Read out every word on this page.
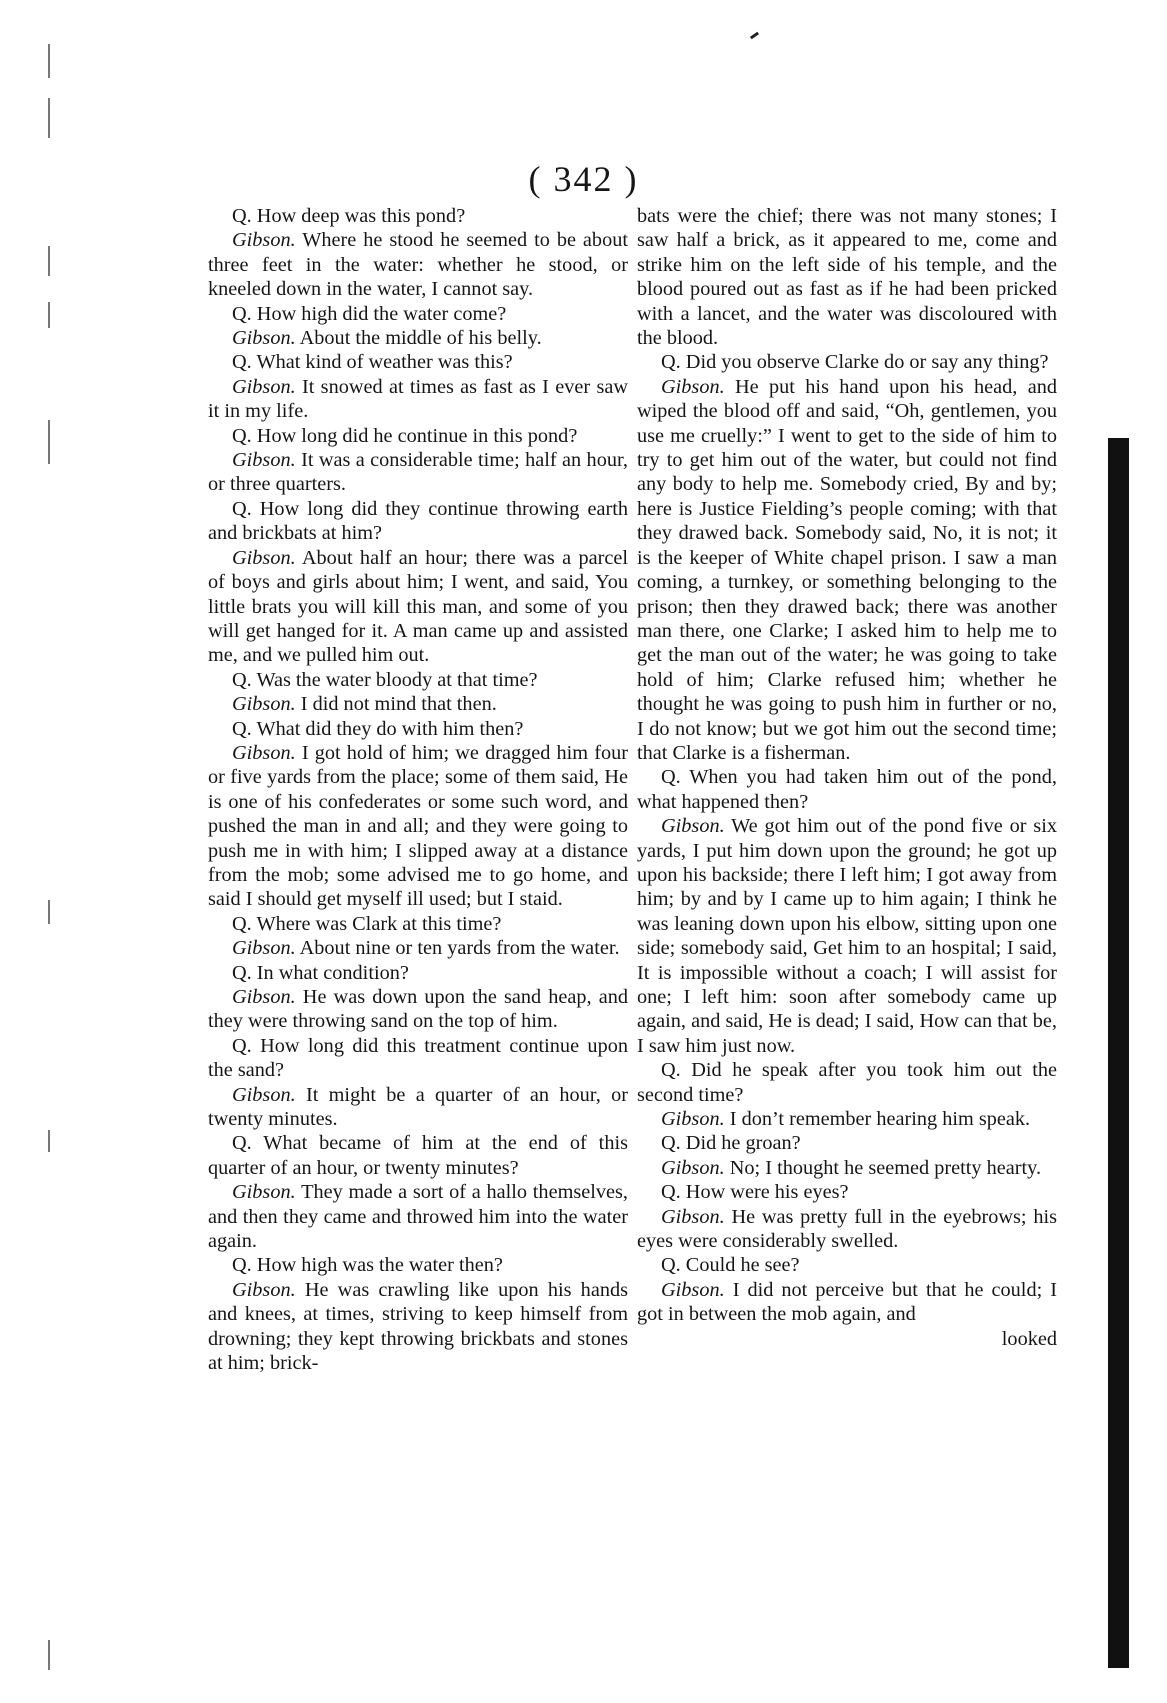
( 342 )

Q. How deep was this pond?

Gibson. Where he stood he seemed to be about three feet in the water: whether he stood, or kneeled down in the water, I cannot say.

Q. How high did the water come?

Gibson. About the middle of his belly.

Q. What kind of weather was this?

Gibson. It snowed at times as fast as I ever saw it in my life.

Q. How long did he continue in this pond?

Gibson. It was a considerable time; half an hour, or three quarters.

Q. How long did they continue throwing earth and brickbats at him?

Gibson. About half an hour; there was a parcel of boys and girls about him; I went, and said, You little brats you will kill this man, and some of you will get hanged for it. A man came up and assisted me, and we pulled him out.

Q. Was the water bloody at that time?

Gibson. I did not mind that then.

Q. What did they do with him then?

Gibson. I got hold of him; we dragged him four or five yards from the place; some of them said, He is one of his confederates or some such word, and pushed the man in and all; and they were going to push me in with him; I slipped away at a distance from the mob; some advised me to go home, and said I should get myself ill used; but I staid.

Q. Where was Clark at this time?

Gibson. About nine or ten yards from the water.

Q. In what condition?

Gibson. He was down upon the sand heap, and they were throwing sand on the top of him.

Q. How long did this treatment continue upon the sand?

Gibson. It might be a quarter of an hour, or twenty minutes.

Q. What became of him at the end of this quarter of an hour, or twenty minutes?

Gibson. They made a sort of a hallo themselves, and then they came and throwed him into the water again.

Q. How high was the water then?

Gibson. He was crawling like upon his hands and knees, at times, striving to keep himself from drowning; they kept throwing brickbats and stones at him; brick-

bats were the chief; there was not many stones; I saw half a brick, as it appeared to me, come and strike him on the left side of his temple, and the blood poured out as fast as if he had been pricked with a lancet, and the water was discoloured with the blood.

Q. Did you observe Clarke do or say any thing?

Gibson. He put his hand upon his head, and wiped the blood off and said, “Oh, gentlemen, you use me cruelly:” I went to get to the side of him to try to get him out of the water, but could not find any body to help me. Somebody cried, By and by; here is Justice Fielding’s people coming; with that they drawed back. Somebody said, No, it is not; it is the keeper of White chapel prison. I saw a man coming, a turnkey, or something belonging to the prison; then they drawed back; there was another man there, one Clarke; I asked him to help me to get the man out of the water; he was going to take hold of him; Clarke refused him; whether he thought he was going to push him in further or no, I do not know; but we got him out the second time; that Clarke is a fisherman.

Q. When you had taken him out of the pond, what happened then?

Gibson. We got him out of the pond five or six yards, I put him down upon the ground; he got up upon his backside; there I left him; I got away from him; by and by I came up to him again; I think he was leaning down upon his elbow, sitting upon one side; somebody said, Get him to an hospital; I said, It is impossible without a coach; I will assist for one; I left him: soon after somebody came up again, and said, He is dead; I said, How can that be, I saw him just now.

Q. Did he speak after you took him out the second time?

Gibson. I don’t remember hearing him speak.

Q. Did he groan?

Gibson. No; I thought he seemed pretty hearty.

Q. How were his eyes?

Gibson. He was pretty full in the eyebrows; his eyes were considerably swelled.

Q. Could he see?

Gibson. I did not perceive but that he could; I got in between the mob again, and

looked
